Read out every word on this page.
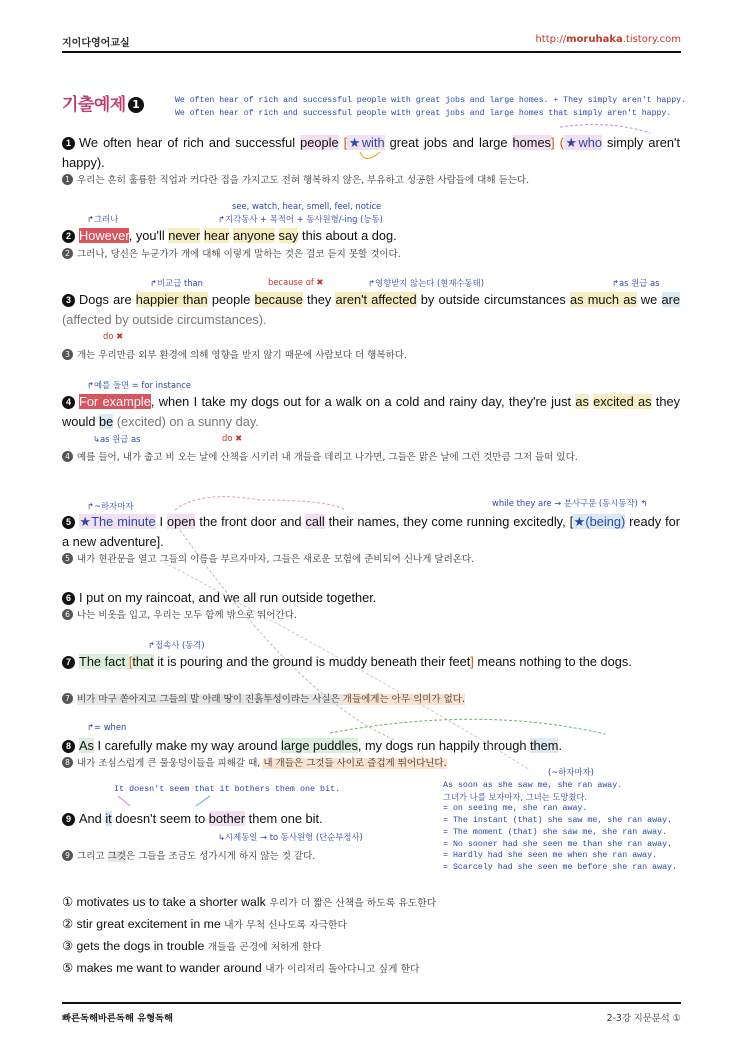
지이다영어교실	http://moruhaka.tistory.com
기출예제 1	We often hear of rich and successful people with great jobs and large homes. + They simply aren't happy.
We often hear of rich and successful people with great jobs and large homes that simply aren't happy.
1 We often hear of rich and successful people [★with great jobs and large homes] (★who simply aren't happy).
1 우리는 흔히 훌륭한 직업과 커다란 집을 가지고도 전혀 행복하지 않은, 부유하고 성공한 사람들에 대해 듣는다.
↱그러나
see, watch, hear, smell, feel, notice
↱지각동사 + 목적어 + 동사원형/-ing (능동)
2 However, you'll never hear anyone say this about a dog.
2 그러나, 당신은 누군가가 개에 대해 이렇게 말하는 것은 결코 듣지 못할 것이다.
↱비교급 than	because of ✖	↱영향받지 않는다 (현재수동태)	↱as 원급 as
3 Dogs are happier than people because they aren't affected by outside circumstances as much as we are (affected by outside circumstances).
do ✖
3 개는 우리만큼 외부 환경에 의해 영향을 받지 않기 때문에 사람보다 더 행복하다.
↱예를 들면 = for instance
4 For example, when I take my dogs out for a walk on a cold and rainy day, they're just as excited as they would be (excited) on a sunny day.
↳as 원급 as	do ✖
4 예를 들어, 내가 춥고 비 오는 날에 산책을 시키러 내 개들을 데리고 나가면, 그들은 맑은 날에 그런 것만큼 그저 들떠 있다.
↱~하자마자	while they are → 분사구문 (동시동작) ↰
5 ★The minute I open the front door and call their names, they come running excitedly, [★(being) ready for a new adventure].
5 내가 현관문을 열고 그들의 이름을 부르자마자, 그들은 새로운 모험에 준비되어 신나게 달려온다.
6 I put on my raincoat, and we all run outside together.
6 나는 비옷을 입고, 우리는 모두 함께 밖으로 뛰어간다.
↱접속사 (동격)
7 The fact [that it is pouring and the ground is muddy beneath their feet] means nothing to the dogs.
7 비가 마구 쏟아지고 그들의 발 아래 땅이 진흙투성이라는 사실은 개들에게는 아무 의미가 없다.
↱= when
8 As I carefully make my way around large puddles, my dogs run happily through them.
8 내가 조심스럽게 큰 물웅덩이들을 피해갈 때, 내 개들은 그것들 사이로 즐겁게 뛰어다닌다.
It doesn't seem that it bothers them one bit.
9 And it doesn't seem to bother them one bit.
↳시제동일 → to 동사원형 (단순부정사)
9 그리고 그것은 그들을 조금도 성가시게 하지 않는 것 같다.
(~하자마자)
As soon as she saw me, she ran away.
그녀가 나를 보자마자, 그녀는 도망쳤다.
= on seeing me, she ran away.
= The instant (that) she saw me, she ran away.
= The moment (that) she saw me, she ran away.
= No sooner had she seen me than she ran away.
= Hardly had she seen me when she ran away.
= Scarcely had she seen me before she ran away.
① motivates us to take a shorter walk 우리가 더 짧은 산책을 하도록 유도한다
② stir great excitement in me 내가 무척 신나도록 자극한다
③ gets the dogs in trouble 개들을 곤경에 처하게 한다
⑤ makes me want to wander around 내가 이리저리 돌아다니고 싶게 한다
빠른독해바른독해 유형독해	2-3강 지문분석 ①
